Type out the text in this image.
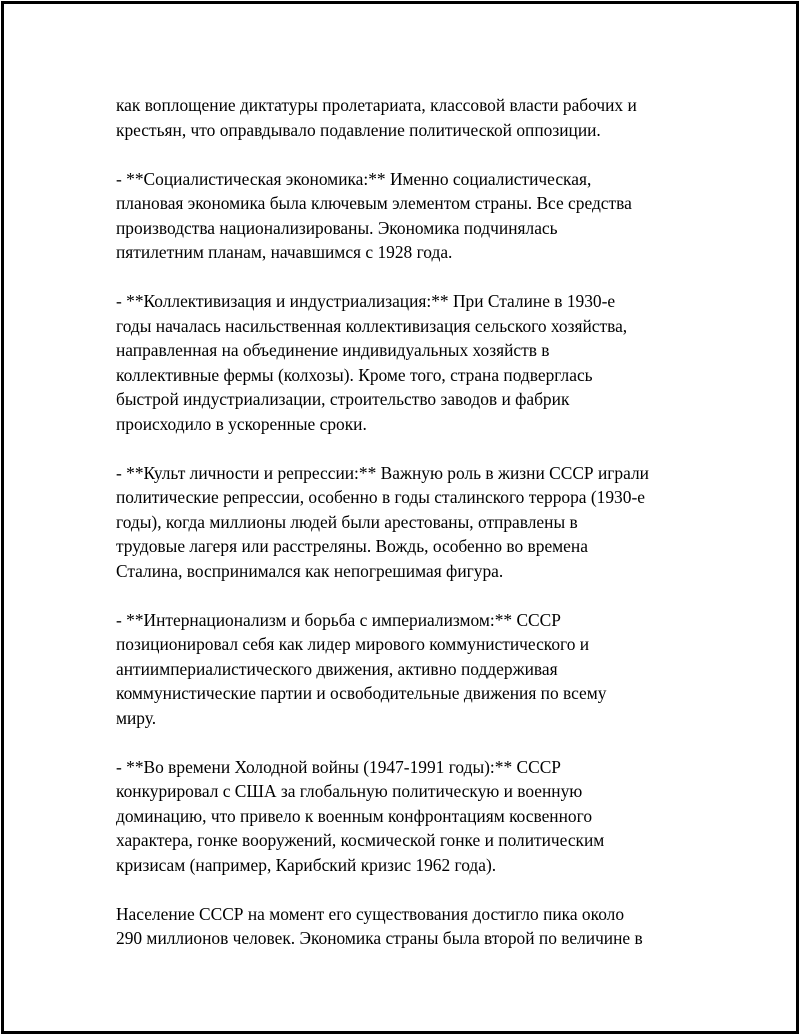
как воплощение диктатуры пролетариата, классовой власти рабочих и
крестьян, что оправдывало подавление политической оппозиции.

- **Социалистическая экономика:** Именно социалистическая,
плановая экономика была ключевым элементом страны. Все средства
производства национализированы. Экономика подчинялась
пятилетним планам, начавшимся с 1928 года.

- **Коллективизация и индустриализация:** При Сталине в 1930-е
годы началась насильственная коллективизация сельского хозяйства,
направленная на объединение индивидуальных хозяйств в
коллективные фермы (колхозы). Кроме того, страна подверглась
быстрой индустриализации, строительство заводов и фабрик
происходило в ускоренные сроки.

- **Культ личности и репрессии:** Важную роль в жизни СССР играли
политические репрессии, особенно в годы сталинского террора (1930-е
годы), когда миллионы людей были арестованы, отправлены в
трудовые лагеря или расстреляны. Вождь, особенно во времена
Сталина, воспринимался как непогрешимая фигура.

- **Интернационализм и борьба с империализмом:** СССР
позиционировал себя как лидер мирового коммунистического и
антиимпериалистического движения, активно поддерживая
коммунистические партии и освободительные движения по всему
миру.

- **Во времени Холодной войны (1947-1991 годы):** СССР
конкурировал с США за глобальную политическую и военную
доминацию, что привело к военным конфронтациям косвенного
характера, гонке вооружений, космической гонке и политическим
кризисам (например, Карибский кризис 1962 года).

Население СССР на момент его существования достигло пика около
290 миллионов человек. Экономика страны была второй по величине в
